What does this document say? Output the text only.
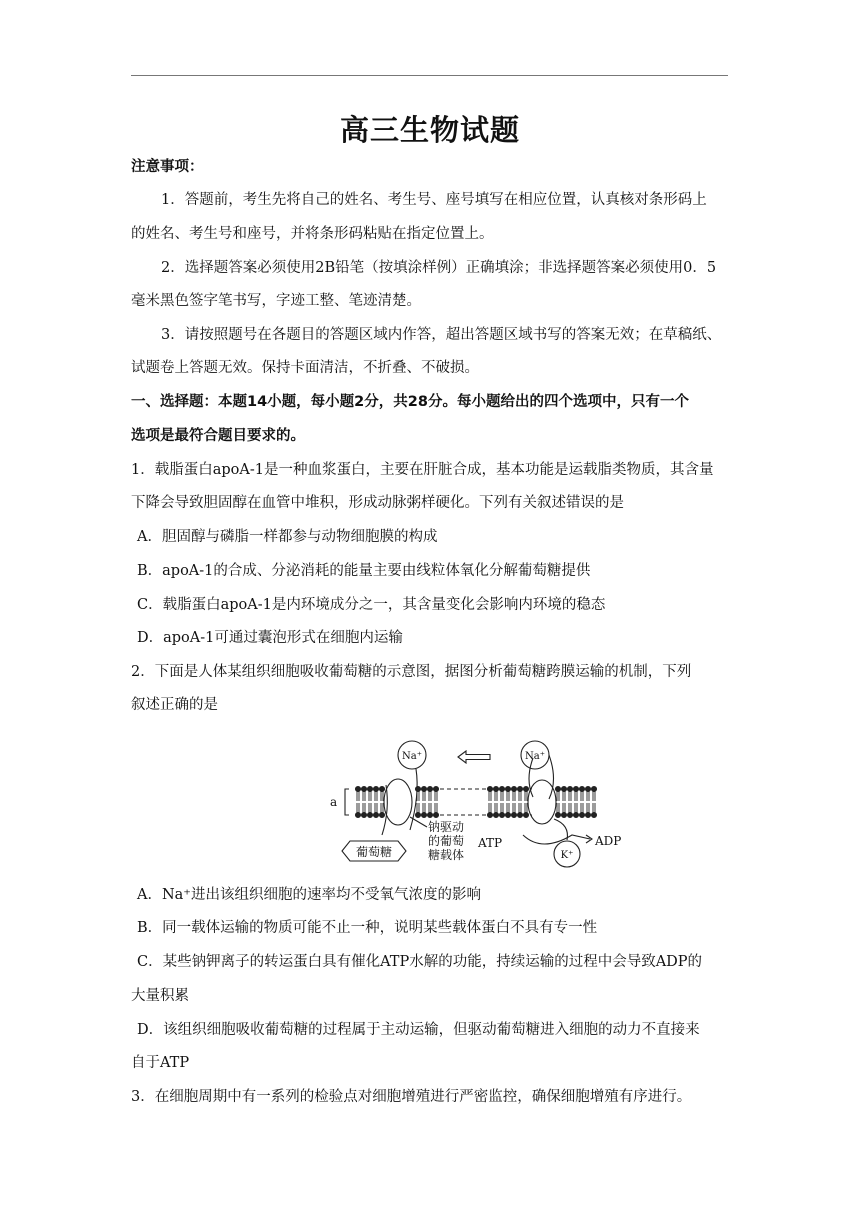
高三生物试题
注意事项：
1．答题前，考生先将自己的姓名、考生号、座号填写在相应位置，认真核对条形码上
的姓名、考生号和座号，并将条形码粘贴在指定位置上。
2．选择题答案必须使用2B铅笔（按填涂样例）正确填涂；非选择题答案必须使用0．5
毫米黑色签字笔书写，字迹工整、笔迹清楚。
3．请按照题号在各题目的答题区域内作答，超出答题区域书写的答案无效；在草稿纸、
试题卷上答题无效。保持卡面清洁，不折叠、不破损。
一、选择题：本题14小题，每小题2分，共28分。每小题给出的四个选项中，只有一个
选项是最符合题目要求的。
1．载脂蛋白apoA-1是一种血浆蛋白，主要在肝脏合成，基本功能是运载脂类物质，其含量
下降会导致胆固醇在血管中堆积，形成动脉粥样硬化。下列有关叙述错误的是
A．胆固醇与磷脂一样都参与动物细胞膜的构成
B．apoA-1的合成、分泌消耗的能量主要由线粒体氧化分解葡萄糖提供
C．载脂蛋白apoA-1是内环境成分之一，其含量变化会影响内环境的稳态
D．apoA-1可通过囊泡形式在细胞内运输
2．下面是人体某组织细胞吸收葡萄糖的示意图，据图分析葡萄糖跨膜运输的机制，下列
叙述正确的是
Na⁺	Na⁺
K⁺
a
钠驱动
的葡萄
糖载体
ATP	ADP
葡萄糖
A．Na⁺进出该组织细胞的速率均不受氧气浓度的影响
B．同一载体运输的物质可能不止一种，说明某些载体蛋白不具有专一性
C．某些钠钾离子的转运蛋白具有催化ATP水解的功能，持续运输的过程中会导致ADP的
大量积累
D．该组织细胞吸收葡萄糖的过程属于主动运输，但驱动葡萄糖进入细胞的动力不直接来
自于ATP
3．在细胞周期中有一系列的检验点对细胞增殖进行严密监控，确保细胞增殖有序进行。
